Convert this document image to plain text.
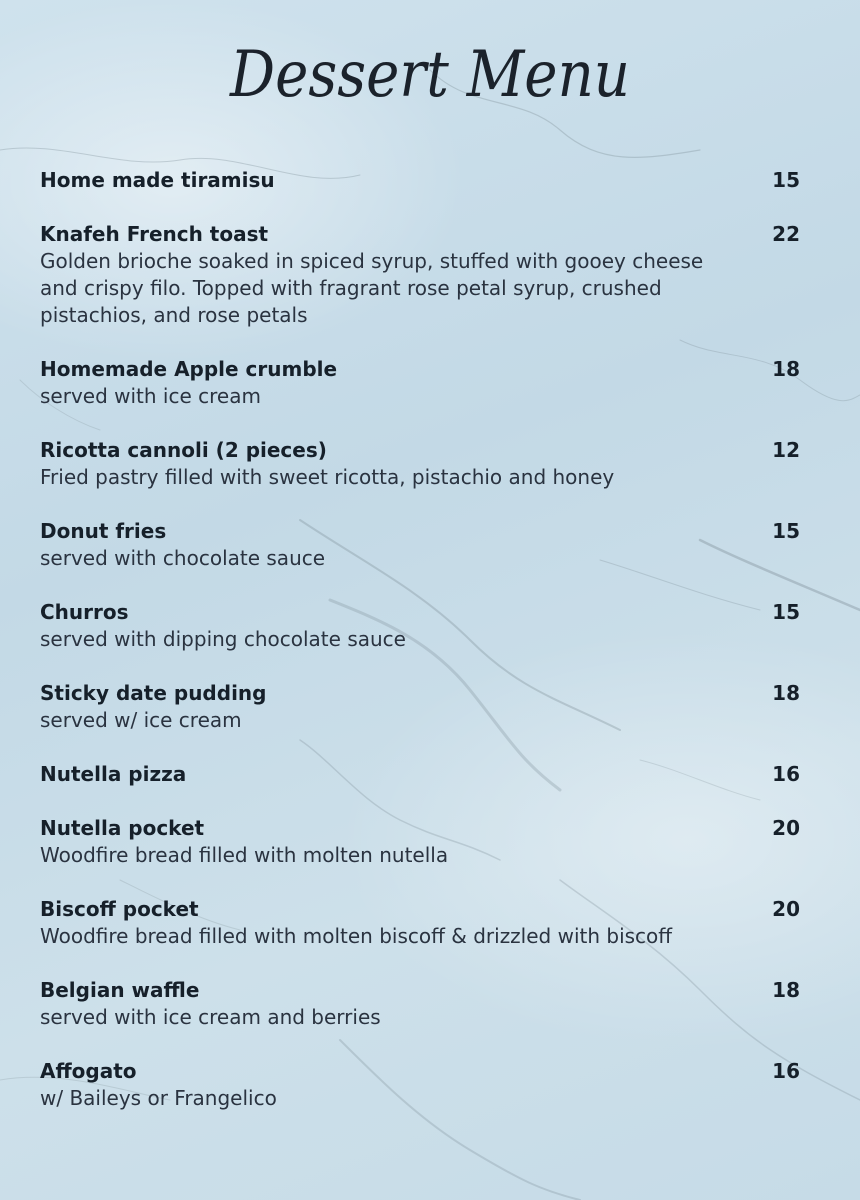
Dessert Menu
Home made tiramisu	15
Knafeh French toast
Golden brioche soaked in spiced syrup, stuffed with gooey cheese and crispy filo. Topped with fragrant rose petal syrup, crushed pistachios, and rose petals
22
Homemade Apple crumble
served with ice cream
18
Ricotta cannoli (2 pieces)
Fried pastry filled with sweet ricotta, pistachio and honey
12
Donut fries
served with chocolate sauce
15
Churros
served with dipping chocolate sauce
15
Sticky date pudding
served w/ ice cream
18
Nutella pizza	16
Nutella pocket
Woodfire bread filled with molten nutella
20
Biscoff pocket
Woodfire bread filled with molten biscoff & drizzled with biscoff
20
Belgian waffle
served with ice cream and berries
18
Affogato
w/ Baileys or Frangelico
16
